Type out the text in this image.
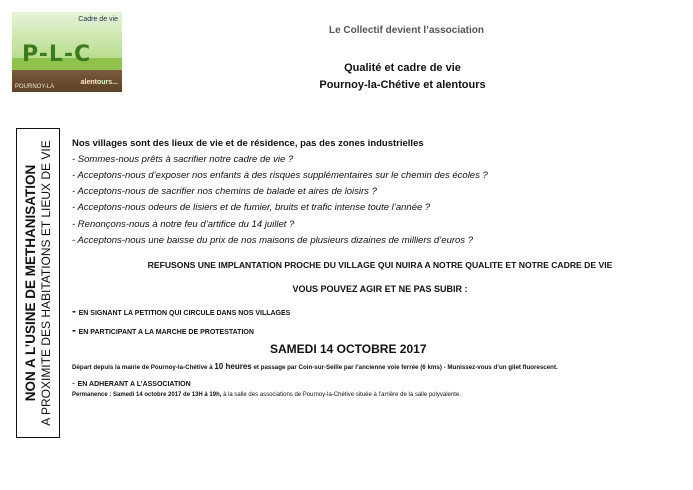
Cadre de vie
P-L-C
POURNOY-LA
alentours...
Le Collectif devient l’association
Qualité et cadre de vie
Pournoy-la-Chétive et alentours
NON A L’USINE DE METHANISATION A PROXIMITE DES HABITATIONS ET LIEUX DE VIE Nos villages sont des lieux de vie et de résidence, pas des zones industrielles
- Sommes-nous prêts à sacrifier notre cadre de vie ?
- Acceptons-nous d’exposer nos enfants à des risques supplémentaires sur le chemin des écoles ?
- Acceptons-nous de sacrifier nos chemins de balade et aires de loisirs ?
- Acceptons-nous odeurs de lisiers et de fumier, bruits et trafic intense toute l’année ?
- Renonçons-nous à notre feu d’artifice du 14 juillet ?
- Acceptons-nous une baisse du prix de nos maisons de plusieurs dizaines de milliers d’euros ?
REFUSONS UNE IMPLANTATION PROCHE DU VILLAGE QUI NUIRA A NOTRE QUALITE ET NOTRE CADRE DE VIE
VOUS POUVEZ AGIR ET NE PAS SUBIR :
- EN SIGNANT LA PETITION QUI CIRCULE DANS NOS VILLAGES
- EN PARTICIPANT A LA MARCHE DE PROTESTATION
SAMEDI 14 OCTOBRE 2017
Départ depuis la mairie de Pournoy-la-Chétive à 10 heures et passage par Coin-sur-Seille par l’ancienne voie ferrée (6 kms) - Munissez-vous d’un gilet fluorescent.
- EN ADHERANT A L’ASSOCIATION
Permanence : Samedi 14 octobre 2017 de 13H à 19h, à la salle des associations de Pournoy-la-Chétive située à l’arrière de la salle polyvalente.
